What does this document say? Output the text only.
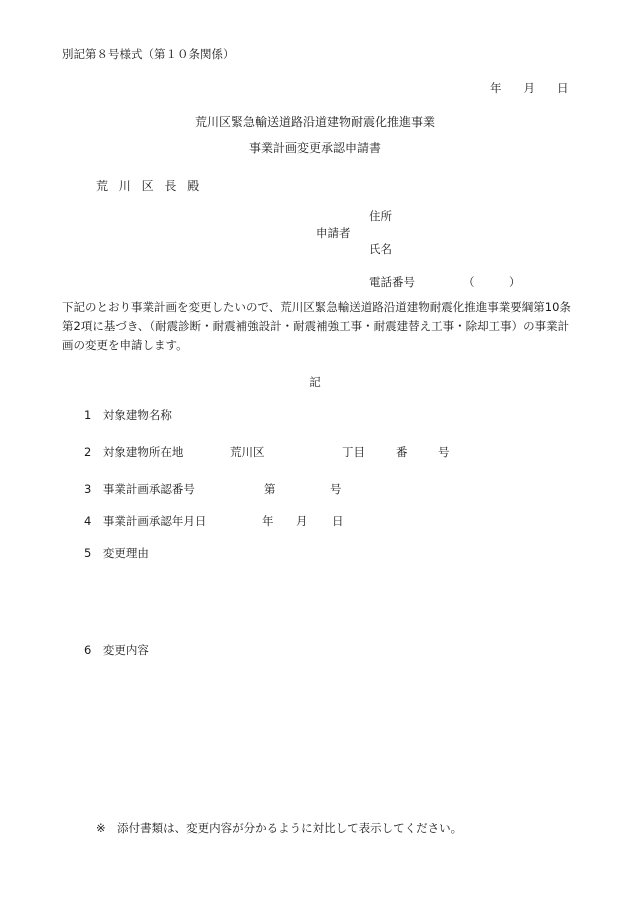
別記第８号様式（第１０条関係）
年 月 日
荒川区緊急輸送道路沿道建物耐震化推進事業
事業計画変更承認申請書
荒川区長殿
申請者
住所
氏名
電話番号	（　　　）
下記のとおり事業計画を変更したいので、荒川区緊急輸送道路沿道建物耐震化推進事業要綱第10条第2項に基づき、（耐震診断・耐震補強設計・耐震補強工事・耐震建替え工事・除却工事）の事業計画の変更を申請します。
記
1　対象建物名称
2　対象建物所在地	荒川区	丁目	番	号
3　事業計画承認番号	第	号
4　事業計画承認年月日	年 月 日
5　変更理由
6　変更内容
※　添付書類は、変更内容が分かるように対比して表示してください。
